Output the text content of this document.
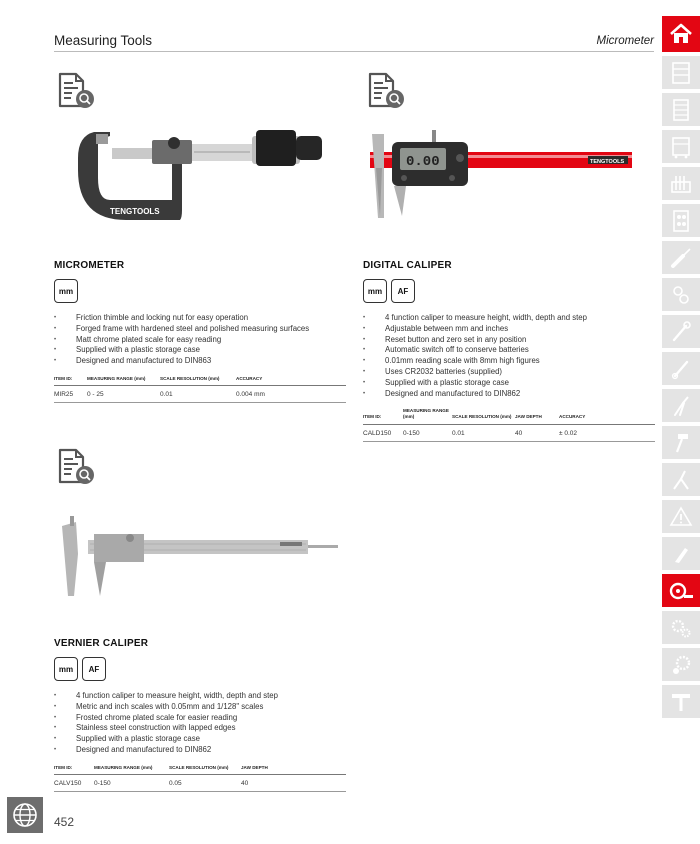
Measuring Tools	Micrometer
TENGTOOLS
MICROMETER
mm
• Friction thimble and locking nut for easy operation
• Forged frame with hardened steel and polished measuring surfaces
• Matt chrome plated scale for easy reading
• Supplied with a plastic storage case
• Designed and manufactured to DIN863
ITEM ID:	MEASURING RANGE (mm)	SCALE RESOLUTION (mm)	ACCURACY
MIR25	0 - 25	0.01	0.004 mm
TENGTOOLS
0.00
DIGITAL CALIPER
mm	AF
• 4 function caliper to measure height, width, depth and step
• Adjustable between mm and inches
• Reset button and zero set in any position
• Automatic switch off to conserve batteries
• 0.01mm reading scale with 8mm high figures
• Uses CR2032 batteries (supplied)
• Supplied with a plastic storage case
• Designed and manufactured to DIN862
ITEM ID:	MEASURING RANGE (mm)	SCALE RESOLUTION (mm)	JAW DEPTH	ACCURACY
CALD150	0-150	0.01	40	± 0.02
VERNIER CALIPER
mm	AF
• 4 function caliper to measure height, width, depth and step
• Metric and inch scales with 0.05mm and 1/128" scales
• Frosted chrome plated scale for easier reading
• Stainless steel construction with lapped edges
• Supplied with a plastic storage case
• Designed and manufactured to DIN862
ITEM ID:	MEASURING RANGE (mm)	SCALE RESOLUTION (mm)	JAW DEPTH
CALV150	0-150	0.05	40
452
